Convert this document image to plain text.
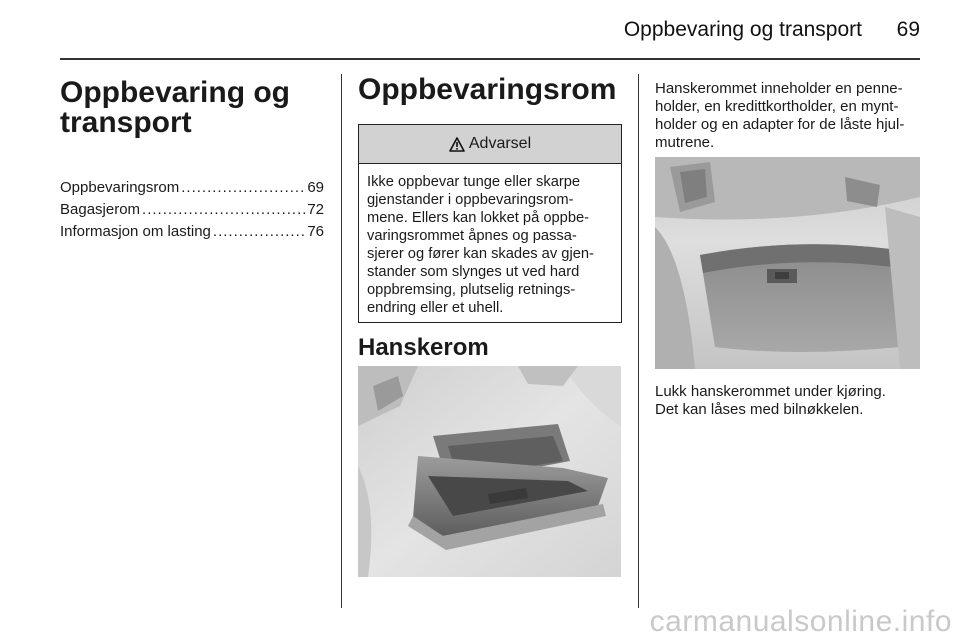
Oppbevaring og transport 69
Oppbevaring og
transport
Oppbevaringsrom .....	69
Bagasjerom .....	72
Informasjon om lasting .....	76
Oppbevaringsrom
Advarsel
Ikke oppbevar tunge eller skarpe
gjenstander i oppbevaringsrom-
mene. Ellers kan lokket på oppbe-
varingsrommet åpnes og passa-
sjerer og fører kan skades av gjen-
stander som slynges ut ved hard
oppbremsing, plutselig retnings-
endring eller et uhell.
Hanskerom
Hanskerommet inneholder en penne-
holder, en kredittkortholder, en mynt-
holder og en adapter for de låste hjul-
mutrene.
Lukk hanskerommet under kjøring.
Det kan låses med bilnøkkelen.
carmanualsonline.info
